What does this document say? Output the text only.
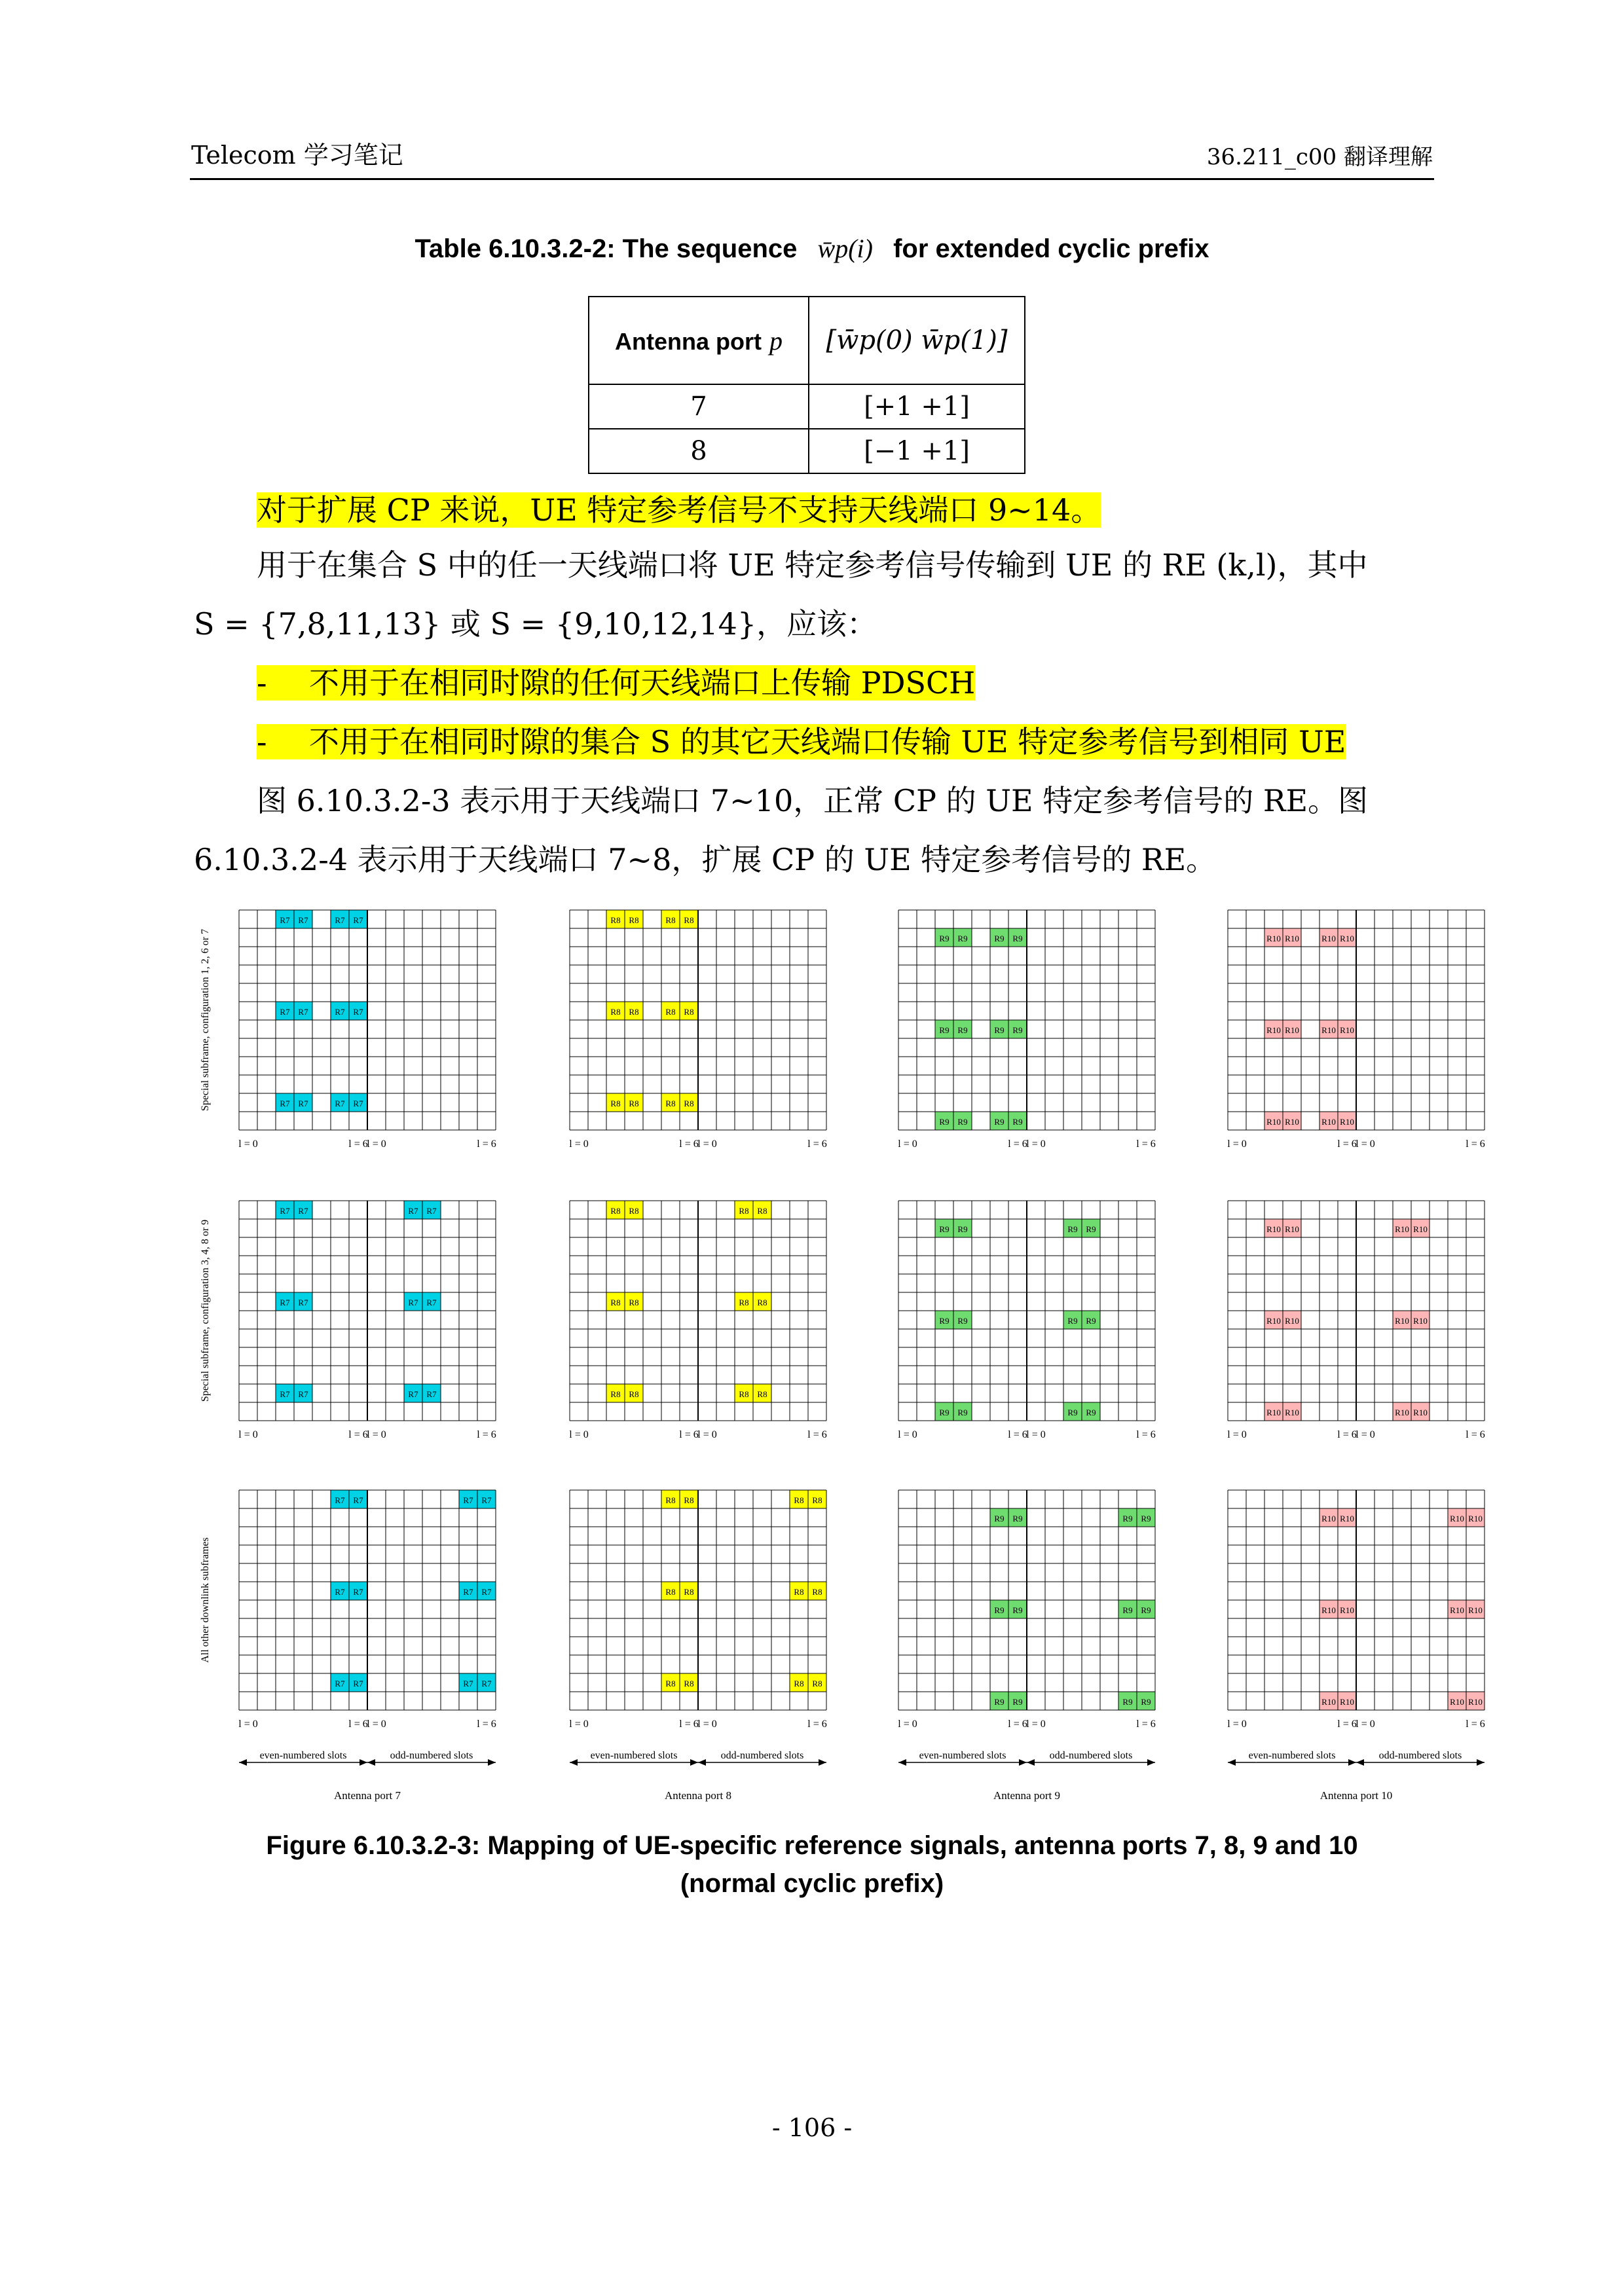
Telecom 学习笔记	36.211_c00 翻译理解
Table 6.10.3.2-2: The sequence w̄p(i) for extended cyclic prefix
Antenna port p	[w̄p(0) w̄p(1)]
7	[+1 +1]
8	[−1 +1]
对于扩展 CP 来说，UE 特定参考信号不支持天线端口 9~14。
用于在集合 S 中的任一天线端口将 UE 特定参考信号传输到 UE 的 RE (k,l)，其中
S = {7,8,11,13} 或 S = {9,10,12,14}，应该：
- 不用于在相同时隙的任何天线端口上传输 PDSCH
- 不用于在相同时隙的集合 S 的其它天线端口传输 UE 特定参考信号到相同 UE
图 6.10.3.2-3 表示用于天线端口 7~10，正常 CP 的 UE 特定参考信号的 RE。图
6.10.3.2-4 表示用于天线端口 7~8，扩展 CP 的 UE 特定参考信号的 RE。
R7 R7	R7 R7
R7 R7	R7 R7
R7 R7	R7 R7
l = 0	l = 6
l = 0	l = 6
R7 R7	R7 R7
R7 R7	R7 R7
R7 R7	R7 R7
l = 0	l = 6
l = 0	l = 6
R7 R7	R7 R7
R7 R7	R7 R7
R7 R7	R7 R7
l = 0	l = 6
l = 0	l = 6
even-numbered slots	odd-numbered slots
Antenna port 7
R8 R8	R8 R8
R8 R8	R8 R8
R8 R8	R8 R8
l = 0	l = 6
l = 0	l = 6
R8 R8	R8 R8
R8 R8	R8 R8
R8 R8	R8 R8
l = 0	l = 6
l = 0	l = 6
R8 R8	R8 R8
R8 R8	R8 R8
R8 R8	R8 R8
l = 0	l = 6
l = 0	l = 6
even-numbered slots	odd-numbered slots
Antenna port 8
R9 R9	R9 R9
R9 R9	R9 R9
R9 R9	R9 R9
l = 0	l = 6
l = 0	l = 6
R9 R9	R9 R9
R9 R9	R9 R9
R9 R9	R9 R9
l = 0	l = 6
l = 0	l = 6
R9 R9	R9 R9
R9 R9	R9 R9
R9 R9	R9 R9
l = 0	l = 6
l = 0	l = 6
even-numbered slots	odd-numbered slots
Antenna port 9
R10 R10	R10 R10
R10 R10	R10 R10
R10 R10	R10 R10
l = 0	l = 6
l = 0	l = 6
R10 R10	R10 R10
R10 R10	R10 R10
R10 R10	R10 R10
l = 0	l = 6
l = 0	l = 6
R10 R10	R10 R10
R10 R10	R10 R10
R10 R10	R10 R10
l = 0	l = 6
l = 0	l = 6
even-numbered slots	odd-numbered slots
Antenna port 10
Special subframe, configuration 1, 2, 6 or 7
Special subframe, configuration 3, 4, 8 or 9
All other downlink subframes
Figure 6.10.3.2-3: Mapping of UE-specific reference signals, antenna ports 7, 8, 9 and 10
(normal cyclic prefix)
- 106 -
